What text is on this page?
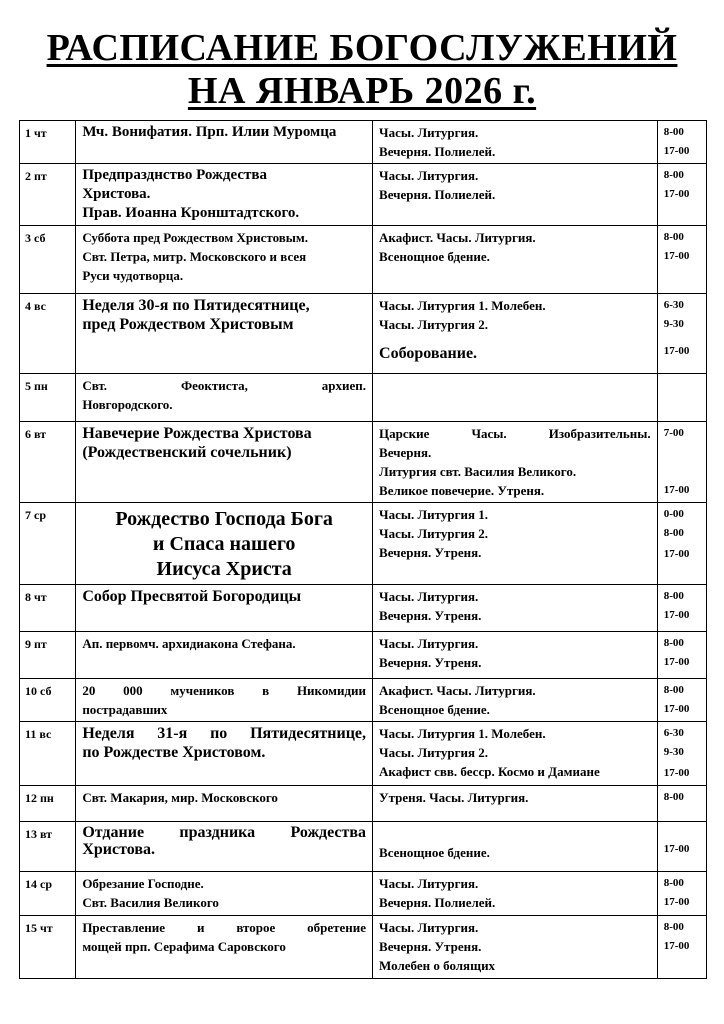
РАСПИСАНИЕ БОГОСЛУЖЕНИЙ
НА ЯНВАРЬ 2026 г.
1 чт	Мч. Вонифатия. Прп. Илии Муромца	Часы. Литургия.
Вечерня. Полиелей.	8-00
17-00

2 пт	Предпразднство Рождества
Христова.
Прав. Иоанна Кронштадтского.	Часы. Литургия.
Вечерня. Полиелей.	8-00
17-00

3 сб	Суббота пред Рождеством Христовым.
Свт. Петра, митр. Московского и всея
Руси чудотворца.	Акафист. Часы. Литургия.
Всенощное бдение.	8-00
17-00

4 вс	Неделя 30-я по Пятидесятнице,
пред Рождеством Христовым	Часы. Литургия 1. Молебен.
Часы. Литургия 2.
Соборование.	6-30
9-30
17-00

5 пн	Свт. Феоктиста, архиеп.
Новгородского.		

6 вт	Навечерие Рождества Христова
(Рождественский сочельник)	Царские Часы. Изобразительны.
Вечерня.
Литургия свт. Василия Великого.
Великое повечерие. Утреня.	7-00
17-00

7 ср	Рождество Господа Бога
и Спаса нашего
Иисуса Христа	Часы. Литургия 1.
Часы. Литургия 2.
Вечерня. Утреня.	0-00
8-00
17-00

8 чт	Собор Пресвятой Богородицы	Часы. Литургия.
Вечерня. Утреня.	8-00
17-00

9 пт	Ап. первомч. архидиакона Стефана.	Часы. Литургия.
Вечерня. Утреня.	8-00
17-00

10 сб	20 000 мучеников в Никомидии
пострадавших	Акафист. Часы. Литургия.
Всенощное бдение.	8-00
17-00

11 вс	Неделя 31-я по Пятидесятнице,
по Рождестве Христовом.	Часы. Литургия 1. Молебен.
Часы. Литургия 2.
Акафист свв. бесср. Космо и Дамиане	6-30
9-30
17-00

12 пн	Свт. Макария, мир. Московского	Утреня. Часы. Литургия.	8-00

13 вт	Отдание праздника Рождества
Христова.	Всенощное бдение.	17-00

14 ср	Обрезание Господне.
Свт. Василия Великого	Часы. Литургия.
Вечерня. Полиелей.	8-00
17-00

15 чт	Преставление и второе обретение
мощей прп. Серафима Саровского	Часы. Литургия.
Вечерня. Утреня.
Молебен о болящих	8-00
17-00
